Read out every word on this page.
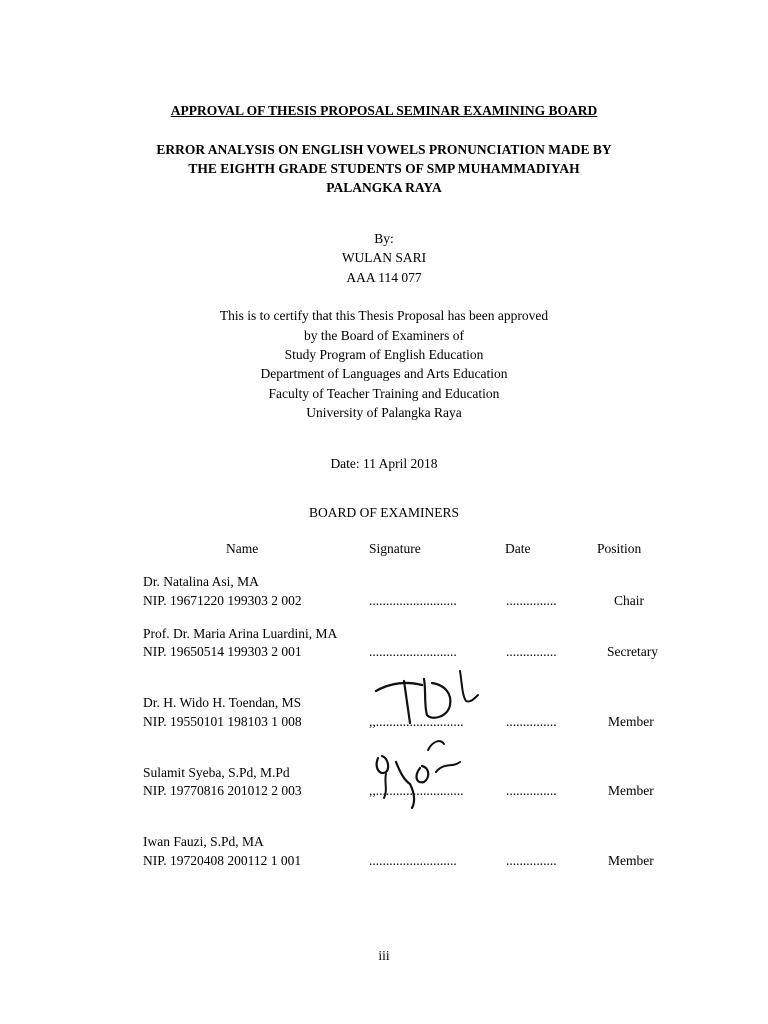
APPROVAL OF THESIS PROPOSAL SEMINAR EXAMINING BOARD
ERROR ANALYSIS ON ENGLISH VOWELS PRONUNCIATION MADE BY
THE EIGHTH GRADE STUDENTS OF SMP MUHAMMADIYAH
PALANGKA RAYA
By:
WULAN SARI
AAA 114 077
This is to certify that this Thesis Proposal has been approved
by the Board of Examiners of
Study Program of English Education
Department of Languages and Arts Education
Faculty of Teacher Training and Education
University of Palangka Raya
Date: 11 April 2018
BOARD OF EXAMINERS
Name	Signature	Date	Position
Dr. Natalina Asi, MA
NIP. 19671220 199303 2 002	..........................	...............	Chair
Prof. Dr. Maria Arina Luardini, MA
NIP. 19650514 199303 2 001	..........................	...............	Secretary
Dr. H. Wido H. Toendan, MS
NIP. 19550101 198103 1 008	,,..........................	...............	Member
Sulamit Syeba, S.Pd, M.Pd
NIP. 19770816 201012 2 003	,,..........................	...............	Member
Iwan Fauzi, S.Pd, MA
NIP. 19720408 200112 1 001	..........................	...............	Member
iii
